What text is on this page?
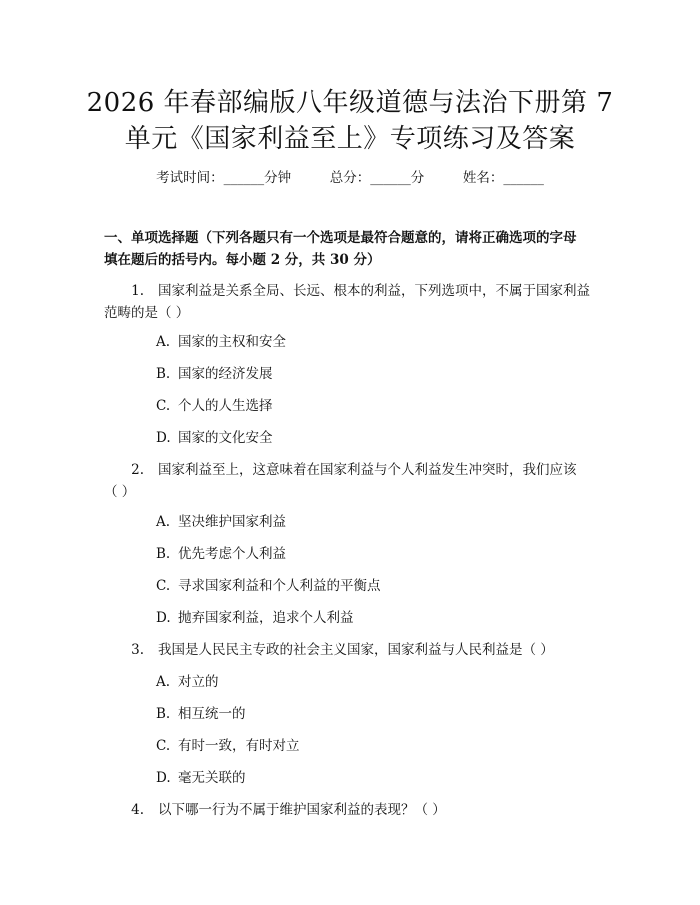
2026 年春部编版八年级道德与法治下册第 7
单元《国家利益至上》专项练习及答案
考试时间：______分钟	总分：______分	姓名：______
一、单项选择题（下列各题只有一个选项是最符合题意的，请将正确选项的字母
填在题后的括号内。每小题 2 分，共 30 分）
1. 国家利益是关系全局、长远、根本的利益，下列选项中，不属于国家利益
范畴的是（ ）
A. 国家的主权和安全
B. 国家的经济发展
C. 个人的人生选择
D. 国家的文化安全
2. 国家利益至上，这意味着在国家利益与个人利益发生冲突时，我们应该
（ ）
A. 坚决维护国家利益
B. 优先考虑个人利益
C. 寻求国家利益和个人利益的平衡点
D. 抛弃国家利益，追求个人利益
3. 我国是人民民主专政的社会主义国家，国家利益与人民利益是（ ）
A. 对立的
B. 相互统一的
C. 有时一致，有时对立
D. 毫无关联的
4. 以下哪一行为不属于维护国家利益的表现？（ ）
